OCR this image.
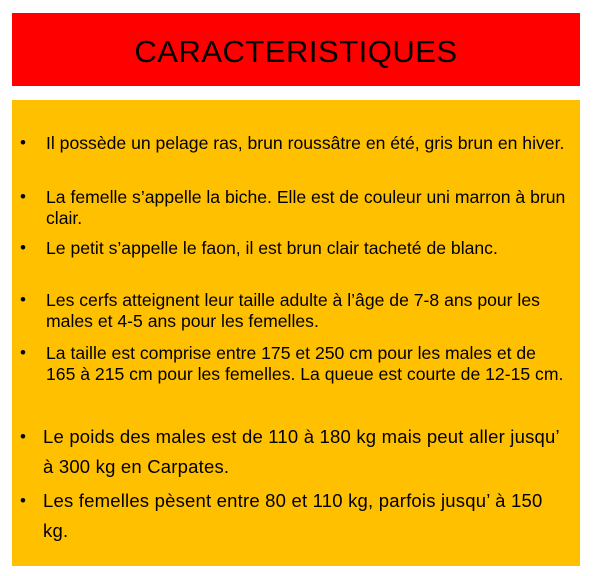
CARACTERISTIQUES
• Il possède un pelage ras, brun roussâtre en été, gris brun en hiver.
• La femelle s’appelle la biche. Elle est de couleur uni marron à brun clair.
• Le petit s’appelle le faon, il est brun clair tacheté de blanc.
• Les cerfs atteignent leur taille adulte à l’âge de 7-8 ans pour les males et 4-5 ans pour les femelles.
• La taille est comprise entre 175 et 250 cm pour les males et de 165 à 215 cm pour les femelles. La queue est courte de 12-15 cm.
• Le poids des males est de 110 à 180 kg mais peut aller jusqu’ à 300 kg en Carpates.
• Les femelles pèsent entre 80 et 110 kg, parfois jusqu’ à 150 kg.
